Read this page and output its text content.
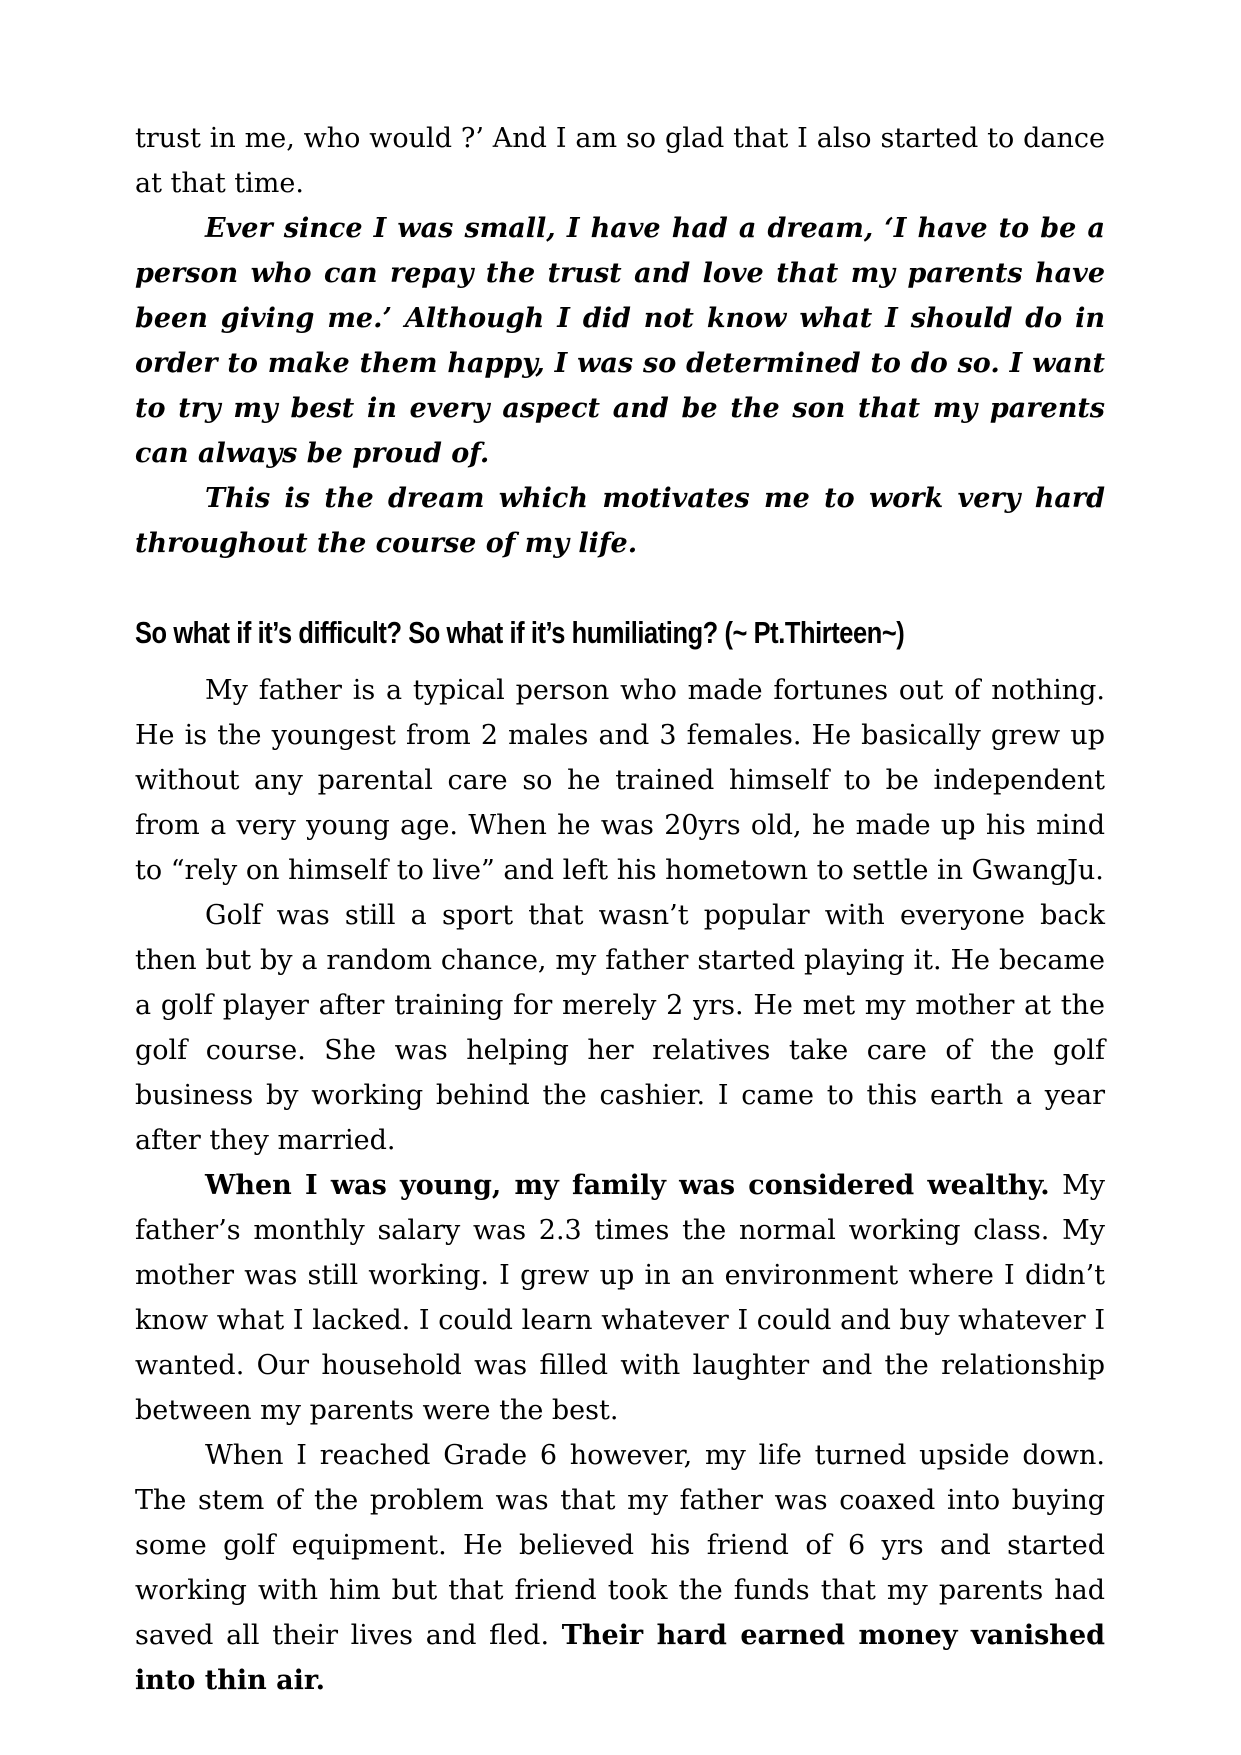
trust in me, who would ?’ And I am so glad that I also started to dance at that time.

Ever since I was small, I have had a dream, ‘I have to be a person who can repay the trust and love that my parents have been giving me.’ Although I did not know what I should do in order to make them happy, I was so determined to do so. I want to try my best in every aspect and be the son that my parents can always be proud of.

This is the dream which motivates me to work very hard throughout the course of my life.

So what if it’s difficult? So what if it’s humiliating? (~ Pt.Thirteen~)

My father is a typical person who made fortunes out of nothing. He is the youngest from 2 males and 3 females. He basically grew up without any parental care so he trained himself to be independent from a very young age. When he was 20yrs old, he made up his mind to “rely on himself to live” and left his hometown to settle in GwangJu.

Golf was still a sport that wasn’t popular with everyone back then but by a random chance, my father started playing it. He became a golf player after training for merely 2 yrs. He met my mother at the golf course. She was helping her relatives take care of the golf business by working behind the cashier. I came to this earth a year after they married.

When I was young, my family was considered wealthy. My father’s monthly salary was 2.3 times the normal working class. My mother was still working. I grew up in an environment where I didn’t know what I lacked. I could learn whatever I could and buy whatever I wanted. Our household was filled with laughter and the relationship between my parents were the best.

When I reached Grade 6 however, my life turned upside down. The stem of the problem was that my father was coaxed into buying some golf equipment. He believed his friend of 6 yrs and started working with him but that friend took the funds that my parents had saved all their lives and fled. Their hard earned money vanished into thin air.
